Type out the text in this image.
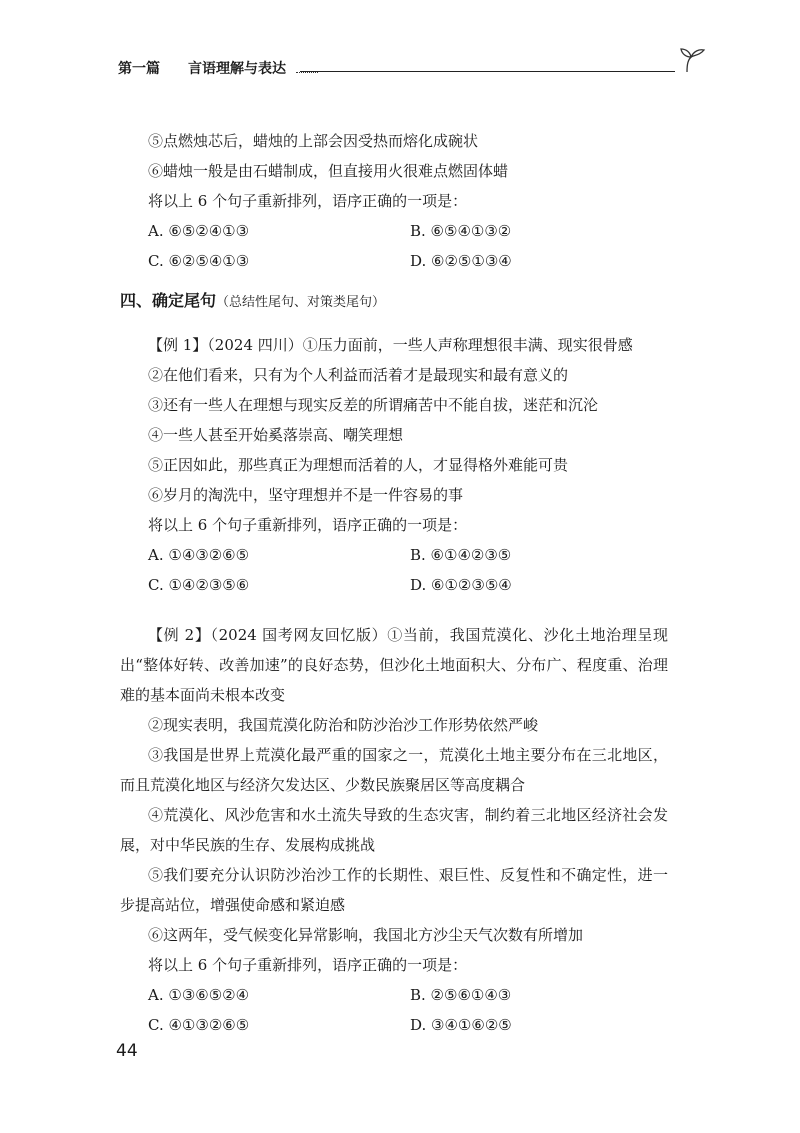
第一篇 言语理解与表达
⑤点燃烛芯后，蜡烛的上部会因受热而熔化成碗状
⑥蜡烛一般是由石蜡制成，但直接用火很难点燃固体蜡
将以上 6 个句子重新排列，语序正确的一项是：
A. ⑥⑤②④①③	B. ⑥⑤④①③②
C. ⑥②⑤④①③	D. ⑥②⑤①③④
四、确定尾句（总结性尾句、对策类尾句）
【例 1】（2024 四川）①压力面前，一些人声称理想很丰满、现实很骨感
②在他们看来，只有为个人利益而活着才是最现实和最有意义的
③还有一些人在理想与现实反差的所谓痛苦中不能自拔，迷茫和沉沦
④一些人甚至开始奚落崇高、嘲笑理想
⑤正因如此，那些真正为理想而活着的人，才显得格外难能可贵
⑥岁月的淘洗中，坚守理想并不是一件容易的事
将以上 6 个句子重新排列，语序正确的一项是：
A. ①④③②⑥⑤	B. ⑥①④②③⑤
C. ①④②③⑤⑥	D. ⑥①②③⑤④
【例 2】（2024 国考网友回忆版）①当前，我国荒漠化、沙化土地治理呈现出“整体好转、改善加速”的良好态势，但沙化土地面积大、分布广、程度重、治理难的基本面尚未根本改变
②现实表明，我国荒漠化防治和防沙治沙工作形势依然严峻
③我国是世界上荒漠化最严重的国家之一，荒漠化土地主要分布在三北地区，而且荒漠化地区与经济欠发达区、少数民族聚居区等高度耦合
④荒漠化、风沙危害和水土流失导致的生态灾害，制约着三北地区经济社会发展，对中华民族的生存、发展构成挑战
⑤我们要充分认识防沙治沙工作的长期性、艰巨性、反复性和不确定性，进一步提高站位，增强使命感和紧迫感
⑥这两年，受气候变化异常影响，我国北方沙尘天气次数有所增加
将以上 6 个句子重新排列，语序正确的一项是：
A. ①③⑥⑤②④	B. ②⑤⑥①④③
C. ④①③②⑥⑤	D. ③④①⑥②⑤
44
